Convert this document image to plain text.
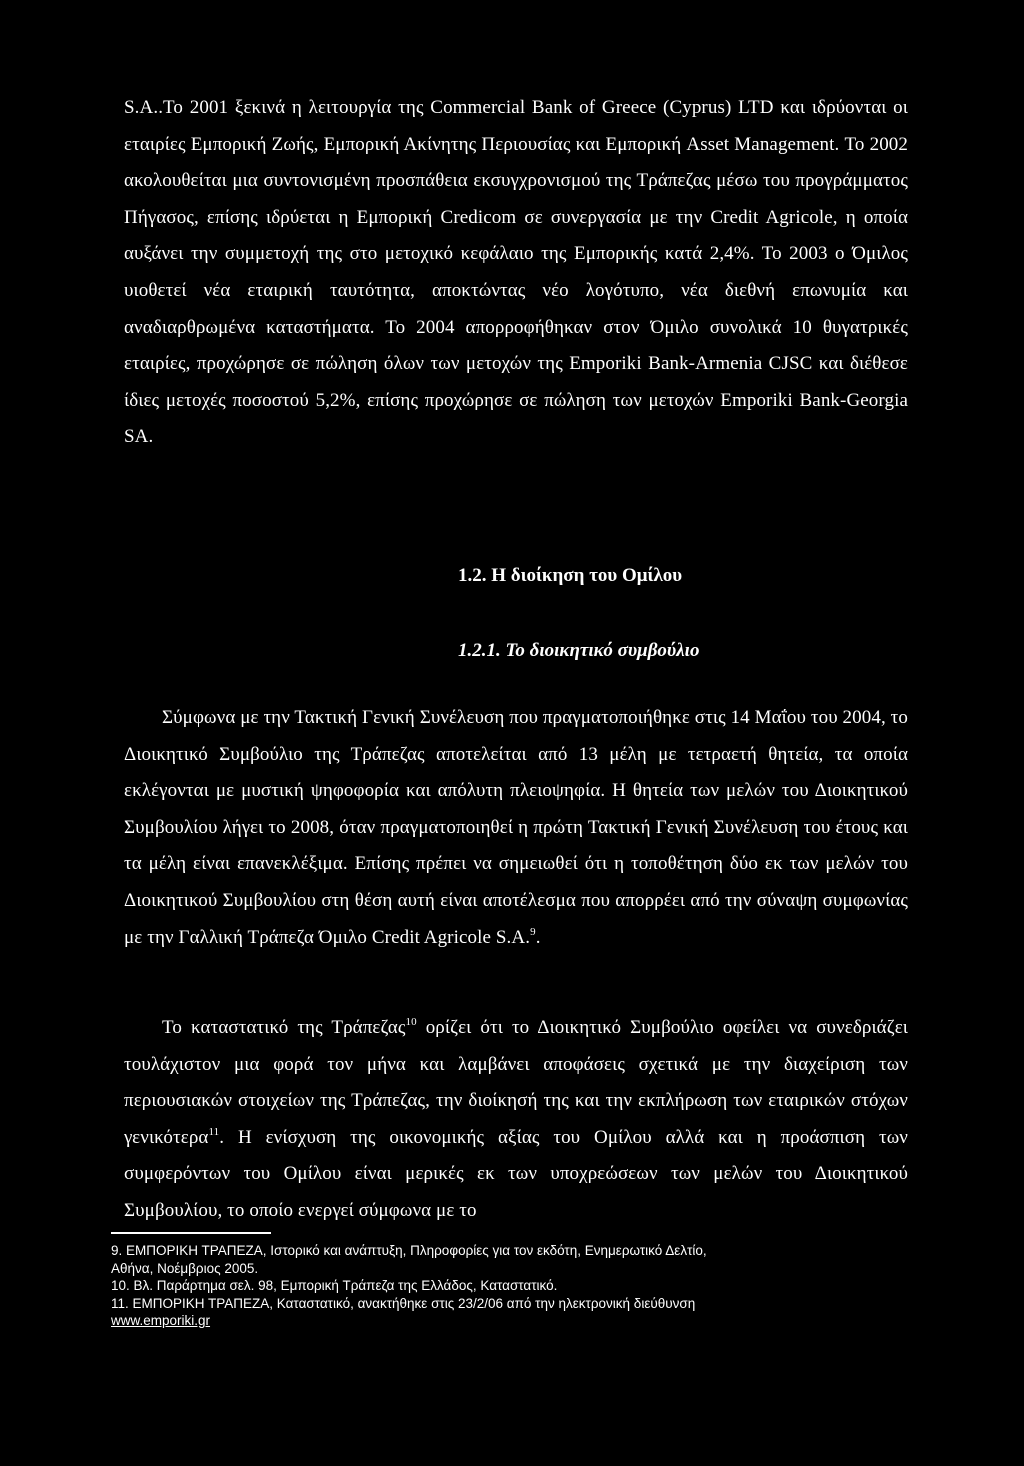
S.A..Το 2001 ξεκινά η λειτουργία της Commercial Bank of Greece (Cyprus) LTD και ιδρύονται οι εταιρίες Εμπορική Ζωής, Εμπορική Ακίνητης Περιουσίας και Εμπορική Asset Management. Το 2002 ακολουθείται μια συντονισμένη προσπάθεια εκσυγχρονισμού της Τράπεζας μέσω του προγράμματος Πήγασος, επίσης ιδρύεται η Εμπορική Credicom σε συνεργασία με την Credit Agricole, η οποία αυξάνει την συμμετοχή της στο μετοχικό κεφάλαιο της Εμπορικής κατά 2,4%. Το 2003 ο Όμιλος υιοθετεί νέα εταιρική ταυτότητα, αποκτώντας νέο λογότυπο, νέα διεθνή επωνυμία και αναδιαρθρωμένα καταστήματα. Το 2004 απορροφήθηκαν στον Όμιλο συνολικά 10 θυγατρικές εταιρίες, προχώρησε σε πώληση όλων των μετοχών της Emporiki Bank-Armenia CJSC και διέθεσε ίδιες μετοχές ποσοστού 5,2%, επίσης προχώρησε σε πώληση των μετοχών Emporiki Bank-Georgia SA.

1.2. Η διοίκηση του Ομίλου
1.2.1. Το διοικητικό συμβούλιο

Σύμφωνα με την Τακτική Γενική Συνέλευση που πραγματοποιήθηκε στις 14 Μαΐου του 2004, το Διοικητικό Συμβούλιο της Τράπεζας αποτελείται από 13 μέλη με τετραετή θητεία, τα οποία εκλέγονται με μυστική ψηφοφορία και απόλυτη πλειοψηφία. Η θητεία των μελών του Διοικητικού Συμβουλίου λήγει το 2008, όταν πραγματοποιηθεί η πρώτη Τακτική Γενική Συνέλευση του έτους και τα μέλη είναι επανεκλέξιμα. Επίσης πρέπει να σημειωθεί ότι η τοποθέτηση δύο εκ των μελών του Διοικητικού Συμβουλίου στη θέση αυτή είναι αποτέλεσμα που απορρέει από την σύναψη συμφωνίας με την Γαλλική Τράπεζα Όμιλο Credit Agricole S.A.$^9$.

Το καταστατικό της Τράπεζας$^{10}$ ορίζει ότι το Διοικητικό Συμβούλιο οφείλει να συνεδριάζει τουλάχιστον μια φορά τον μήνα και λαμβάνει αποφάσεις σχετικά με την διαχείριση των περιουσιακών στοιχείων της Τράπεζας, την διοίκησή της και την εκπλήρωση των εταιρικών στόχων γενικότερα$^{11}$. Η ενίσχυση της οικονομικής αξίας του Ομίλου αλλά και η προάσπιση των συμφερόντων του Ομίλου είναι μερικές εκ των υποχρεώσεων των μελών του Διοικητικού Συμβουλίου, το οποίο ενεργεί σύμφωνα με το

9. ΕΜΠΟΡΙΚΗ ΤΡΑΠΕΖΑ, Ιστορικό και ανάπτυξη, Πληροφορίες για τον εκδότη, Ενημερωτικό Δελτίο,
Αθήνα, Νοέμβριος 2005.
10. Βλ. Παράρτημα σελ. 98, Εμπορική Τράπεζα της Ελλάδος, Καταστατικό.
11. ΕΜΠΟΡΙΚΗ ΤΡΑΠΕΖΑ, Καταστατικό, ανακτήθηκε στις 23/2/06 από την ηλεκτρονική διεύθυνση
www.emporiki.gr
